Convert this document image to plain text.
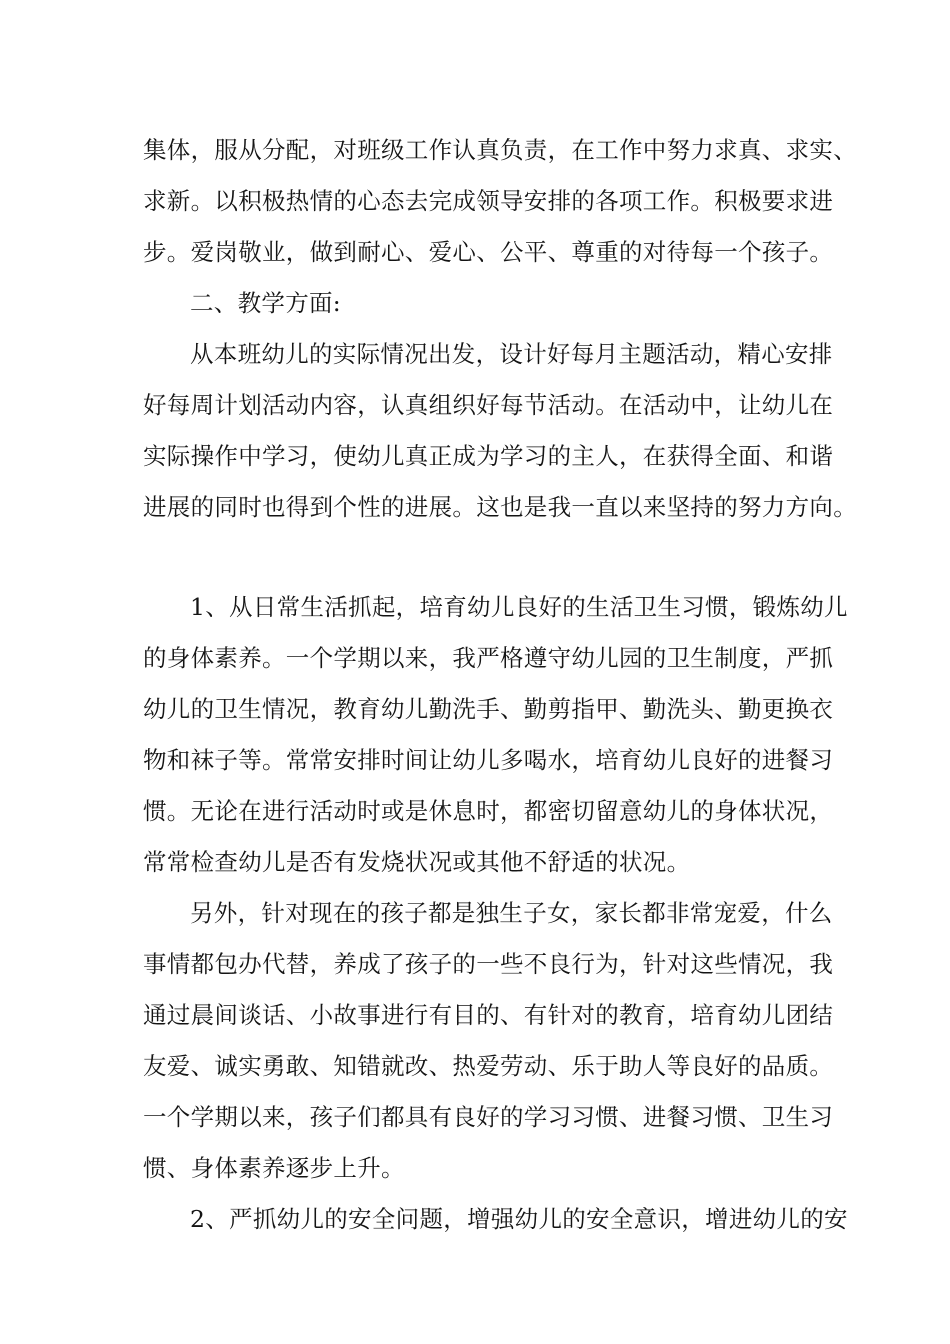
集体，服从分配，对班级工作认真负责，在工作中努力求真、求实、
求新。以积极热情的心态去完成领导安排的各项工作。积极要求进
步。爱岗敬业，做到耐心、爱心、公平、尊重的对待每一个孩子。
二、教学方面:
从本班幼儿的实际情况出发，设计好每月主题活动，精心安排
好每周计划活动内容，认真组织好每节活动。在活动中，让幼儿在
实际操作中学习，使幼儿真正成为学习的主人，在获得全面、和谐
进展的同时也得到个性的进展。这也是我一直以来坚持的努力方向。
1、从日常生活抓起，培育幼儿良好的生活卫生习惯，锻炼幼儿
的身体素养。一个学期以来，我严格遵守幼儿园的卫生制度，严抓
幼儿的卫生情况，教育幼儿勤洗手、勤剪指甲、勤洗头、勤更换衣
物和袜子等。常常安排时间让幼儿多喝水，培育幼儿良好的进餐习
惯。无论在进行活动时或是休息时，都密切留意幼儿的身体状况，
常常检查幼儿是否有发烧状况或其他不舒适的状况。
另外，针对现在的孩子都是独生子女，家长都非常宠爱，什么
事情都包办代替，养成了孩子的一些不良行为，针对这些情况，我
通过晨间谈话、小故事进行有目的、有针对的教育，培育幼儿团结
友爱、诚实勇敢、知错就改、热爱劳动、乐于助人等良好的品质。
一个学期以来，孩子们都具有良好的学习习惯、进餐习惯、卫生习
惯、身体素养逐步上升。
2、严抓幼儿的安全问题，增强幼儿的安全意识，增进幼儿的安
